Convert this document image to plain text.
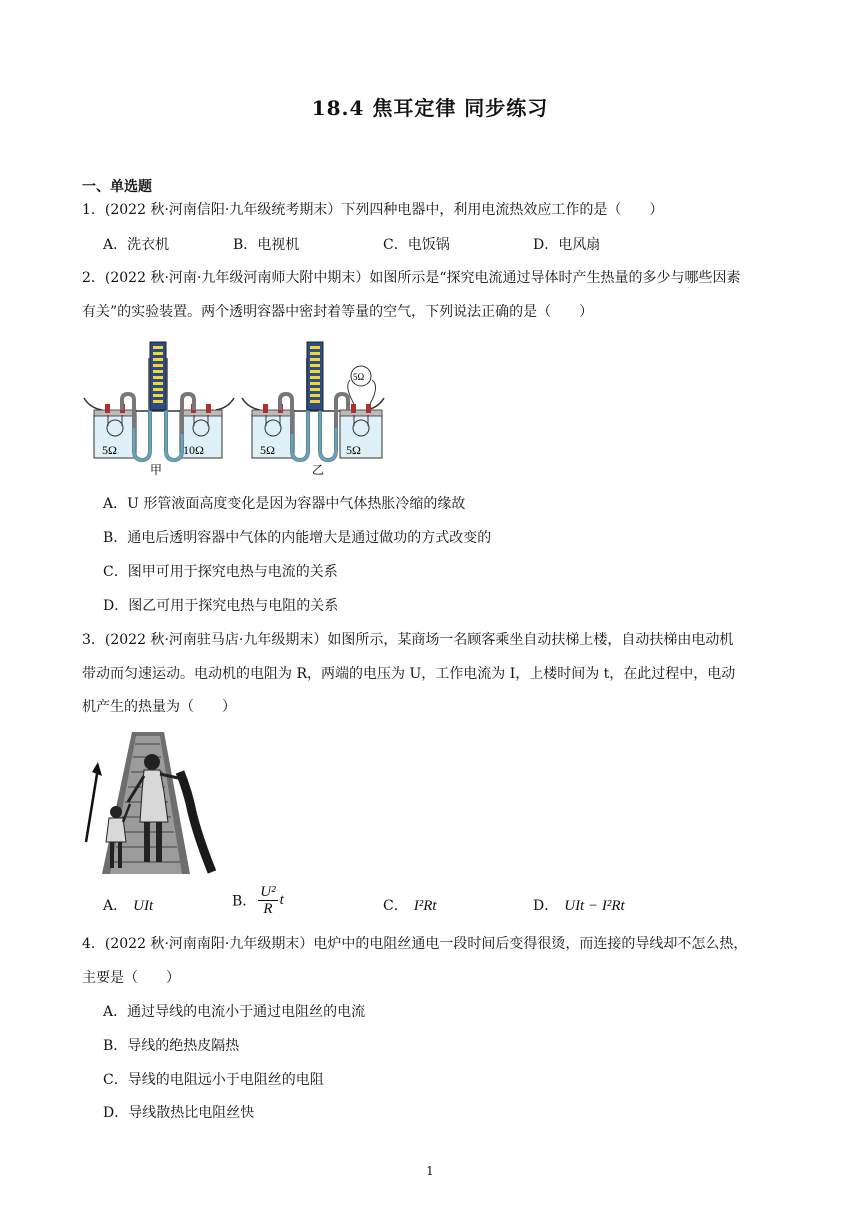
18.4 焦耳定律 同步练习
一、单选题
1．(2022 秋·河南信阳·九年级统考期末）下列四种电器中，利用电流热效应工作的是（　　）
A．洗衣机	B．电视机	C．电饭锅	D．电风扇
2．(2022 秋·河南·九年级河南师大附中期末）如图所示是“探究电流通过导体时产生热量的多少与哪些因素
有关”的实验装置。两个透明容器中密封着等量的空气，下列说法正确的是（　　）
5Ω	10Ω
甲
5Ω
5Ω	5Ω
乙
A．U 形管液面高度变化是因为容器中气体热胀冷缩的缘故
B．通电后透明容器中气体的内能增大是通过做功的方式改变的
C．图甲可用于探究电热与电流的关系
D．图乙可用于探究电热与电阻的关系
3．(2022 秋·河南驻马店·九年级期末）如图所示，某商场一名顾客乘坐自动扶梯上楼，自动扶梯由电动机
带动而匀速运动。电动机的电阻为 R，两端的电压为 U，工作电流为 I，上楼时间为 t，在此过程中，电动
机产生的热量为（　　）
A． UIt	B． $\frac{\text{U²}}{R}$ t	C． I²Rt	D． UIt − I²Rt
4．(2022 秋·河南南阳·九年级期末）电炉中的电阻丝通电一段时间后变得很烫，而连接的导线却不怎么热，
主要是（　　）
A．通过导线的电流小于通过电阻丝的电流
B．导线的绝热皮隔热
C．导线的电阻远小于电阻丝的电阻
D．导线散热比电阻丝快
1
